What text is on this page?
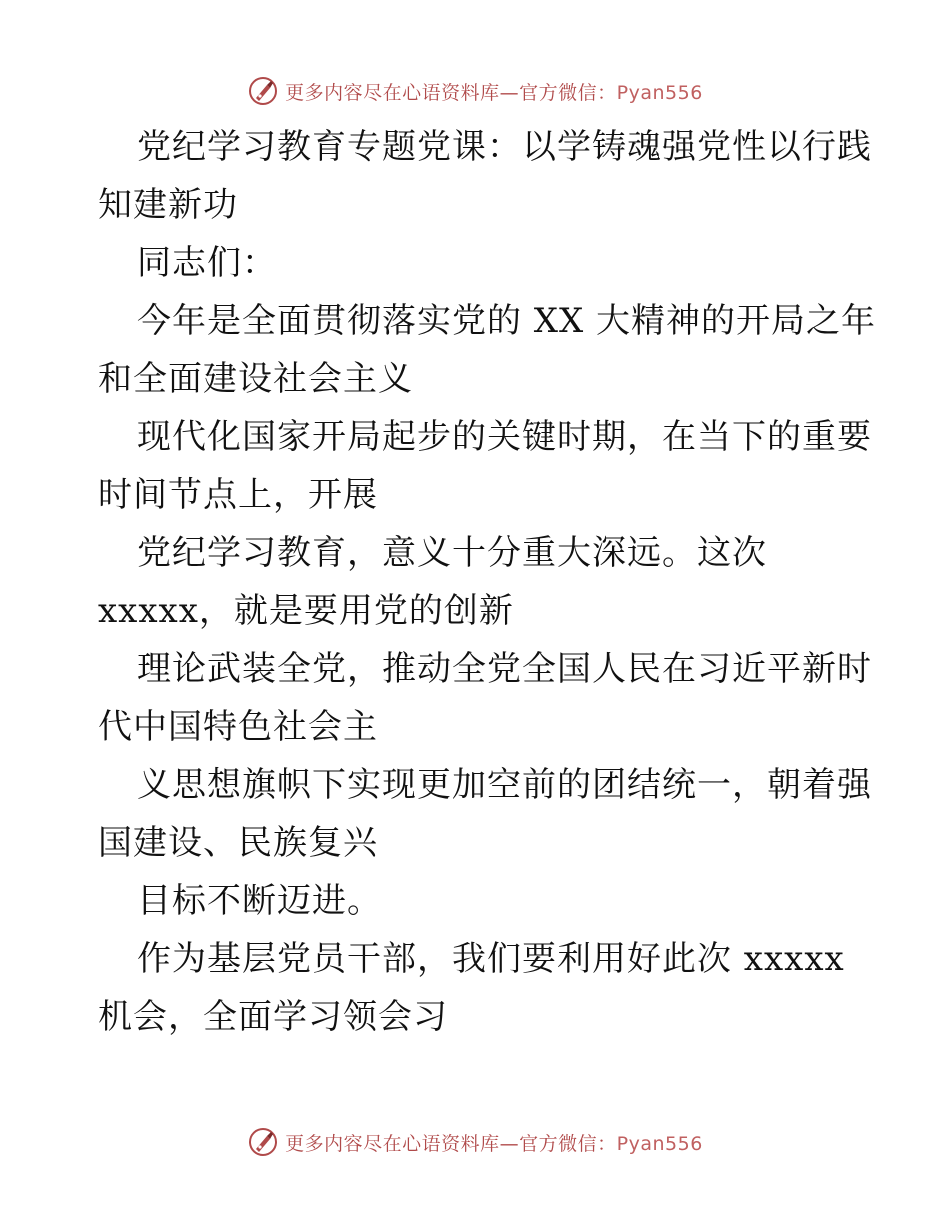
更多内容尽在心语资料库—官方微信：Pyan556
党纪学习教育专题党课：以学铸魂强党性以行践
知建新功
同志们：
今年是全面贯彻落实党的 XX 大精神的开局之年
和全面建设社会主义
现代化国家开局起步的关键时期，在当下的重要
时间节点上，开展
党纪学习教育，意义十分重大深远。这次
xxxxx，就是要用党的创新
理论武装全党，推动全党全国人民在习近平新时
代中国特色社会主
义思想旗帜下实现更加空前的团结统一，朝着强
国建设、民族复兴
目标不断迈进。
作为基层党员干部，我们要利用好此次 xxxxx
机会，全面学习领会习
更多内容尽在心语资料库—官方微信：Pyan556
